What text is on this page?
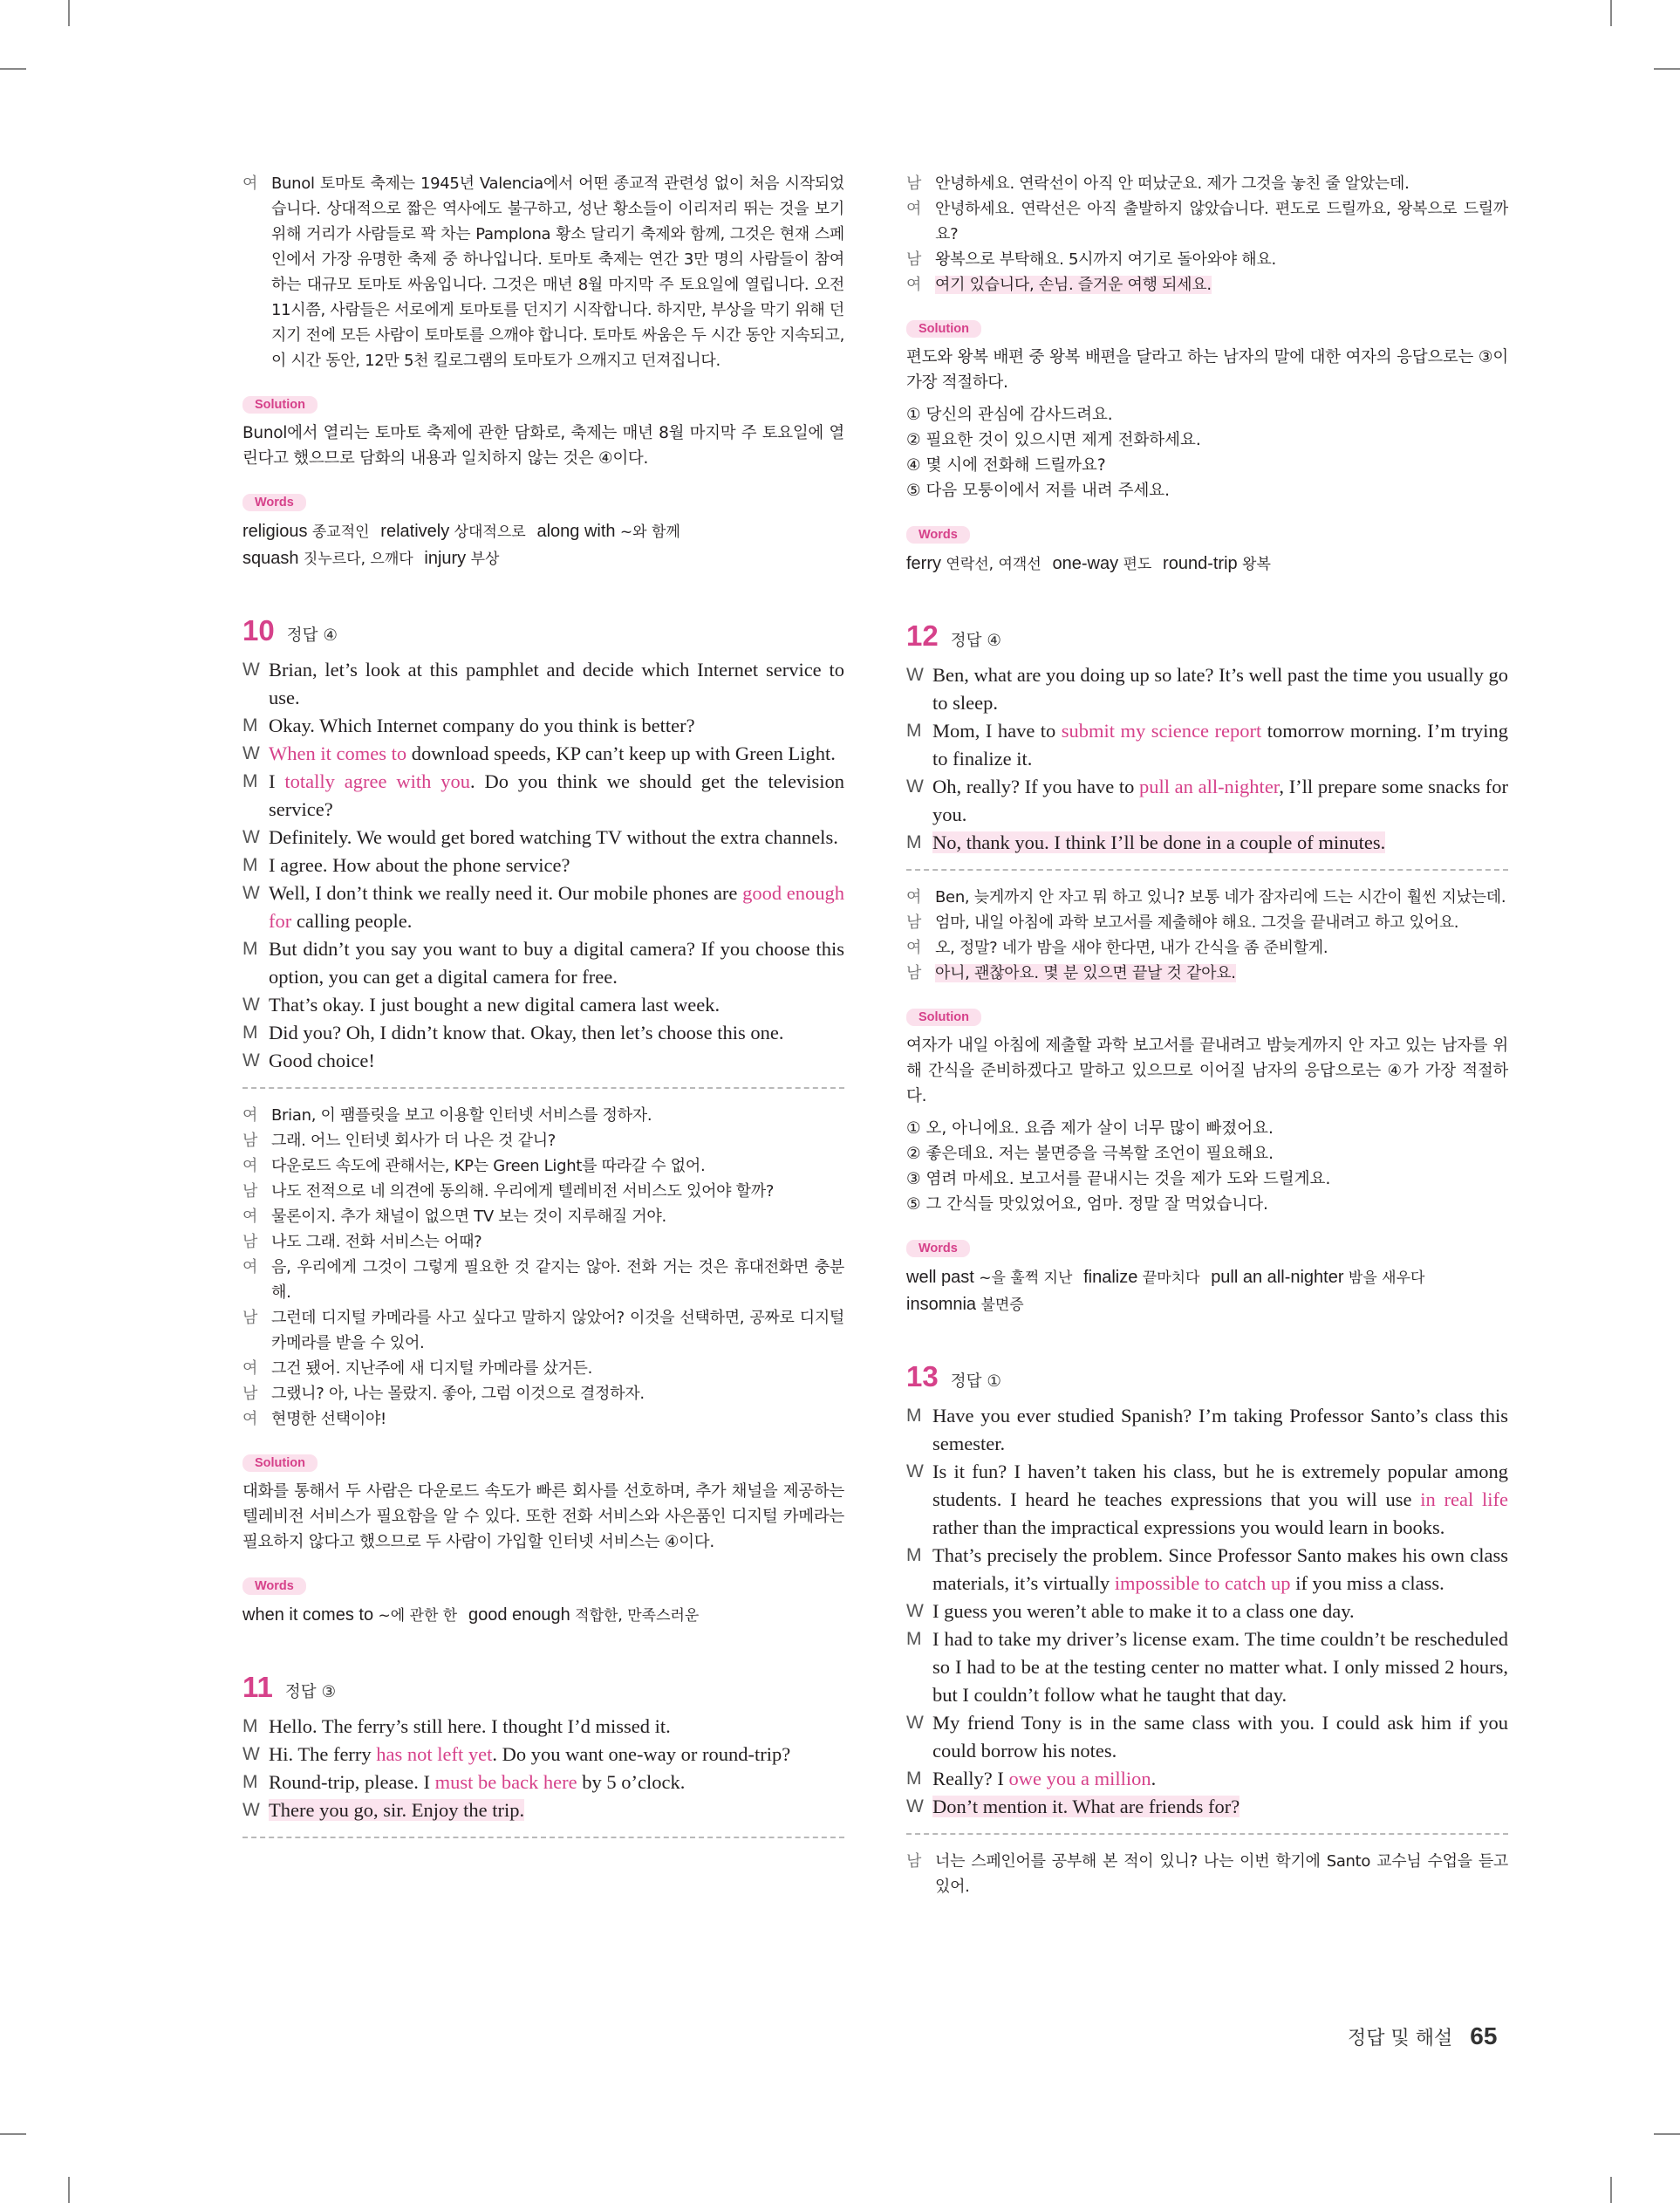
여 Bunol 토마토 축제는 1945년 Valencia에서 어떤 종교적 관련성 없이 처음 시작되었습니다. 상대적으로 짧은 역사에도 불구하고, 성난 황소들이 이리저리 뛰는 것을 보기 위해 거리가 사람들로 꽉 차는 Pamplona 황소 달리기 축제와 함께, 그것은 현재 스페인에서 가장 유명한 축제 중 하나입니다. 토마토 축제는 연간 3만 명의 사람들이 참여하는 대규모 토마토 싸움입니다. 그것은 매년 8월 마지막 주 토요일에 열립니다. 오전 11시쯤, 사람들은 서로에게 토마토를 던지기 시작합니다. 하지만, 부상을 막기 위해 던지기 전에 모든 사람이 토마토를 으깨야 합니다. 토마토 싸움은 두 시간 동안 지속되고, 이 시간 동안, 12만 5천 킬로그램의 토마토가 으깨지고 던져집니다.
Solution
Bunol에서 열리는 토마토 축제에 관한 담화로, 축제는 매년 8월 마지막 주 토요일에 열린다고 했으므로 담화의 내용과 일치하지 않는 것은 ④이다.
Words
religious 종교적인 relatively 상대적으로 along with ~와 함께
squash 짓누르다, 으깨다 injury 부상
10 정답 ④
W Brian, let’s look at this pamphlet and decide which Internet service to use.
M Okay. Which Internet company do you think is better?
W When it comes to download speeds, KP can’t keep up with Green Light.
M I totally agree with you. Do you think we should get the television service?
W Definitely. We would get bored watching TV without the extra channels.
M I agree. How about the phone service?
W Well, I don’t think we really need it. Our mobile phones are good enough for calling people.
M But didn’t you say you want to buy a digital camera? If you choose this option, you can get a digital camera for free.
W That’s okay. I just bought a new digital camera last week.
M Did you? Oh, I didn’t know that. Okay, then let’s choose this one.
W Good choice!
여 Brian, 이 팸플릿을 보고 이용할 인터넷 서비스를 정하자.
남 그래. 어느 인터넷 회사가 더 나은 것 같니?
여 다운로드 속도에 관해서는, KP는 Green Light를 따라갈 수 없어.
남 나도 전적으로 네 의견에 동의해. 우리에게 텔레비전 서비스도 있어야 할까?
여 물론이지. 추가 채널이 없으면 TV 보는 것이 지루해질 거야.
남 나도 그래. 전화 서비스는 어때?
여 음, 우리에게 그것이 그렇게 필요한 것 같지는 않아. 전화 거는 것은 휴대전화면 충분해.
남 그런데 디지털 카메라를 사고 싶다고 말하지 않았어? 이것을 선택하면, 공짜로 디지털 카메라를 받을 수 있어.
여 그건 됐어. 지난주에 새 디지털 카메라를 샀거든.
남 그랬니? 아, 나는 몰랐지. 좋아, 그럼 이것으로 결정하자.
여 현명한 선택이야!
Solution
대화를 통해서 두 사람은 다운로드 속도가 빠른 회사를 선호하며, 추가 채널을 제공하는 텔레비전 서비스가 필요함을 알 수 있다. 또한 전화 서비스와 사은품인 디지털 카메라는 필요하지 않다고 했으므로 두 사람이 가입할 인터넷 서비스는 ④이다.
Words
when it comes to ~에 관한 한 good enough 적합한, 만족스러운
11 정답 ③
M Hello. The ferry’s still here. I thought I’d missed it.
W Hi. The ferry has not left yet. Do you want one-way or round-trip?
M Round-trip, please. I must be back here by 5 o’clock.
W There you go, sir. Enjoy the trip.
남 안녕하세요. 연락선이 아직 안 떠났군요. 제가 그것을 놓친 줄 알았는데.
여 안녕하세요. 연락선은 아직 출발하지 않았습니다. 편도로 드릴까요, 왕복으로 드릴까요?
남 왕복으로 부탁해요. 5시까지 여기로 돌아와야 해요.
여 여기 있습니다, 손님. 즐거운 여행 되세요.
Solution
편도와 왕복 배편 중 왕복 배편을 달라고 하는 남자의 말에 대한 여자의 응답으로는 ③이 가장 적절하다.
① 당신의 관심에 감사드려요.
② 필요한 것이 있으시면 제게 전화하세요.
④ 몇 시에 전화해 드릴까요?
⑤ 다음 모퉁이에서 저를 내려 주세요.
Words
ferry 연락선, 여객선 one-way 편도 round-trip 왕복
12 정답 ④
W Ben, what are you doing up so late? It’s well past the time you usually go to sleep.
M Mom, I have to submit my science report tomorrow morning. I’m trying to finalize it.
W Oh, really? If you have to pull an all-nighter, I’ll prepare some snacks for you.
M No, thank you. I think I’ll be done in a couple of minutes.
여 Ben, 늦게까지 안 자고 뭐 하고 있니? 보통 네가 잠자리에 드는 시간이 훨씬 지났는데.
남 엄마, 내일 아침에 과학 보고서를 제출해야 해요. 그것을 끝내려고 하고 있어요.
여 오, 정말? 네가 밤을 새야 한다면, 내가 간식을 좀 준비할게.
남 아니, 괜찮아요. 몇 분 있으면 끝날 것 같아요.
Solution
여자가 내일 아침에 제출할 과학 보고서를 끝내려고 밤늦게까지 안 자고 있는 남자를 위해 간식을 준비하겠다고 말하고 있으므로 이어질 남자의 응답으로는 ④가 가장 적절하다.
① 오, 아니에요. 요즘 제가 살이 너무 많이 빠졌어요.
② 좋은데요. 저는 불면증을 극복할 조언이 필요해요.
③ 염려 마세요. 보고서를 끝내시는 것을 제가 도와 드릴게요.
⑤ 그 간식들 맛있었어요, 엄마. 정말 잘 먹었습니다.
Words
well past ~을 훌쩍 지난 finalize 끝마치다 pull an all-nighter 밤을 새우다
insomnia 불면증
13 정답 ①
M Have you ever studied Spanish? I’m taking Professor Santo’s class this semester.
W Is it fun? I haven’t taken his class, but he is extremely popular among students. I heard he teaches expressions that you will use in real life rather than the impractical expressions you would learn in books.
M That’s precisely the problem. Since Professor Santo makes his own class materials, it’s virtually impossible to catch up if you miss a class.
W I guess you weren’t able to make it to a class one day.
M I had to take my driver’s license exam. The time couldn’t be rescheduled so I had to be at the testing center no matter what. I only missed 2 hours, but I couldn’t follow what he taught that day.
W My friend Tony is in the same class with you. I could ask him if you could borrow his notes.
M Really? I owe you a million.
W Don’t mention it. What are friends for?
남 너는 스페인어를 공부해 본 적이 있니? 나는 이번 학기에 Santo 교수님 수업을 듣고 있어.
정답 및 해설 65
